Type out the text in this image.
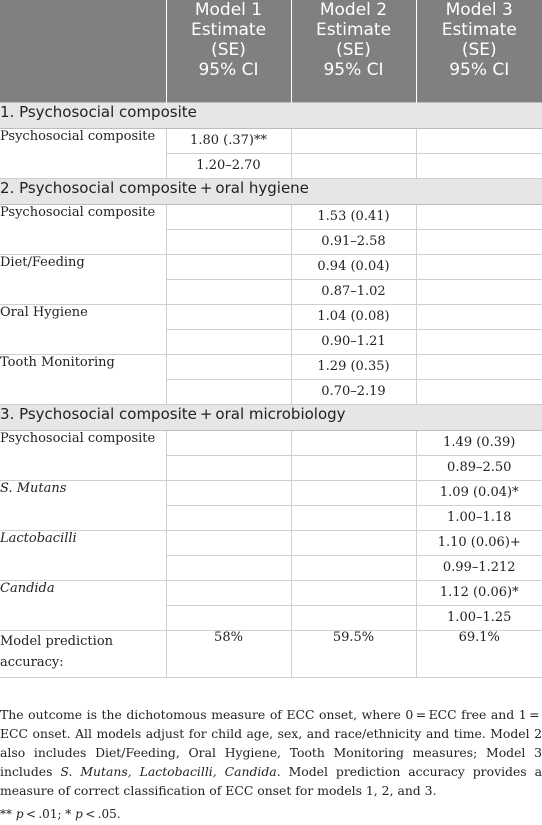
	Model 1
Estimate
(SE)
95% CI	Model 2
Estimate
(SE)
95% CI	Model 3
Estimate
(SE)
95% CI

1. Psychosocial composite			
Psychosocial composite	1.80 (.37)**		
	1.20–2.70		
2. Psychosocial composite + oral hygiene			
Psychosocial composite		1.53 (0.41)	
		0.91–2.58	
Diet/Feeding		0.94 (0.04)	
		0.87–1.02	
Oral Hygiene		1.04 (0.08)	
		0.90–1.21	
Tooth Monitoring		1.29 (0.35)	
		0.70–2.19	
3. Psychosocial composite + oral microbiology			
Psychosocial composite			1.49 (0.39)
			0.89–2.50
S. Mutans			1.09 (0.04)*
			1.00–1.18
Lactobacilli			1.10 (0.06)+
			0.99–1.212
Candida			1.12 (0.06)*
			1.00–1.25
Model prediction accuracy:	58%	59.5%	69.1%

The outcome is the dichotomous measure of ECC onset, where 0 = ECC free and 1 = ECC onset. All models adjust for child age, sex, and race/ethnicity and time. Model 2 also includes Diet/Feeding, Oral Hygiene, Tooth Monitoring measures; Model 3 includes S. Mutans, Lactobacilli, Candida. Model prediction accuracy provides a measure of correct classification of ECC onset for models 1, 2, and 3.

** p < .01; * p < .05.
